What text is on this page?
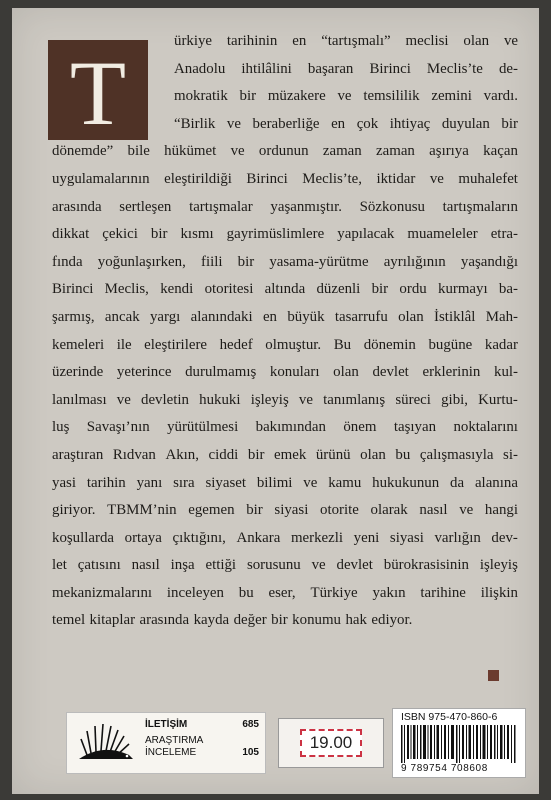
T
ürkiye tarihinin en “tartışmalı” meclisi olan ve
Anadolu ihtilâlini başaran Birinci Meclis’te de-
mokratik bir müzakere ve temsililik zemini vardı.
“Birlik ve beraberliğe en çok ihtiyaç duyulan bir
dönemde” bile hükümet ve ordunun zaman zaman aşırıya kaçan
uygulamalarının eleştirildiği Birinci Meclis’te, iktidar ve muhalefet
arasında sertleşen tartışmalar yaşanmıştır. Sözkonusu tartışmaların
dikkat çekici bir kısmı gayrimüslimlere yapılacak muameleler etra-
fında yoğunlaşırken, fiili bir yasama-yürütme ayrılığının yaşandığı
Birinci Meclis, kendi otoritesi altında düzenli bir ordu kurmayı ba-
şarmış, ancak yargı alanındaki en büyük tasarrufu olan İstiklâl Mah-
kemeleri ile eleştirilere hedef olmuştur. Bu dönemin bugüne kadar
üzerinde yeterince durulmamış konuları olan devlet erklerinin kul-
lanılması ve devletin hukuki işleyiş ve tanımlanış süreci gibi, Kurtu-
luş Savaşı’nın yürütülmesi bakımından önem taşıyan noktalarını
araştıran Rıdvan Akın, ciddi bir emek ürünü olan bu çalışmasıyla si-
yasi tarihin yanı sıra siyaset bilimi ve kamu hukukunun da alanına
giriyor. TBMM’nin egemen bir siyasi otorite olarak nasıl ve hangi
koşullarda ortaya çıktığını, Ankara merkezli yeni siyasi varlığın dev-
let çatısını nasıl inşa ettiği sorusunu ve devlet bürokrasisinin işleyiş
mekanizmalarını inceleyen bu eser, Türkiye yakın tarihine ilişkin
temel kitaplar arasında kayda değer bir konumu hak ediyor.
İLETİŞİM	685
ARAŞTIRMA
İNCELEME	105
19.00
ISBN 975-470-860-6
9 789754 708608
